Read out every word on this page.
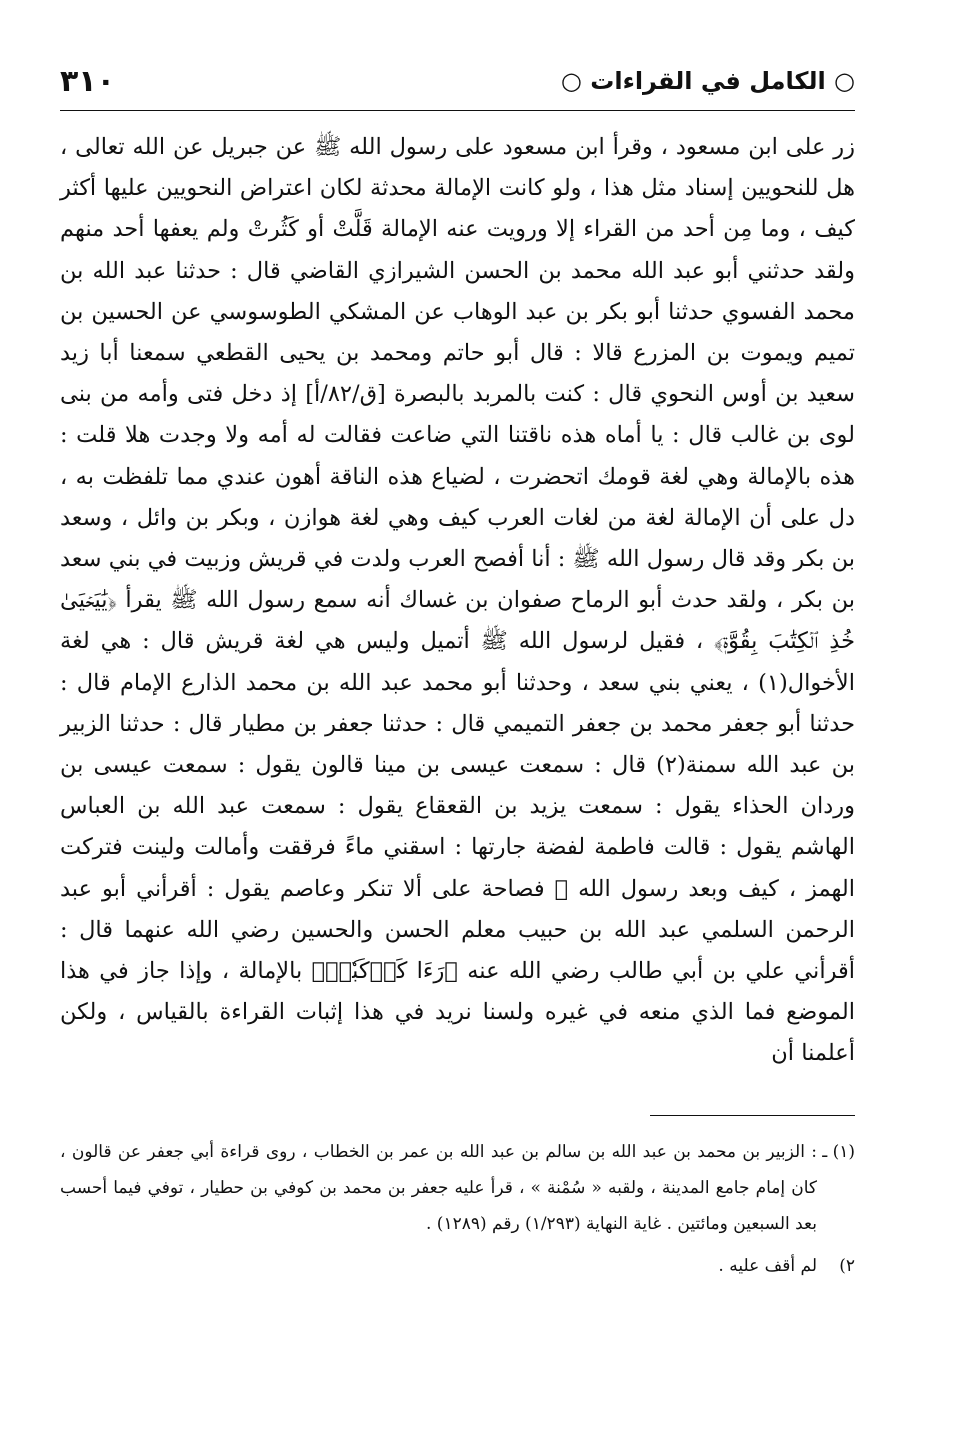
○ الكامل في القراءات ○
٣١٠

زر على ابن مسعود ، وقرأ ابن مسعود على رسول الله ﷺ عن جبريل عن الله تعالى ، هل للنحويين إسناد مثل هذا ، ولو كانت الإمالة محدثة لكان اعتراض النحويين عليها أكثر كيف ، وما مِن أحد من القراء إلا ورويت عنه الإمالة قَلَّتْ أو كَثُرتْ ولم يعفها أحد منهم ولقد حدثني أبو عبد الله محمد بن الحسن الشيرازي القاضي قال : حدثنا عبد الله بن محمد الفسوي حدثنا أبو بكر بن عبد الوهاب عن المشكي الطوسوسي عن الحسين بن تميم ويموت بن المزرع قالا : قال أبو حاتم ومحمد بن يحيى القطعي سمعنا أبا زيد سعيد بن أوس النحوي قال : كنت بالمربد بالبصرة [ق/٨٢/أ] إذ دخل فتى وأمه من بنى لوى بن غالب قال : يا أماه هذه ناقتنا التي ضاعت فقالت له أمه ولا وجدت هلا قلت : هذه بالإمالة وهي لغة قومك اتحضرت ، لضياع هذه الناقة أهون عندي مما تلفظت به ، دل على أن الإمالة لغة من لغات العرب كيف وهي لغة هوازن ، وبكر بن وائل ، وسعد بن بكر وقد قال رسول الله ﷺ : أنا أفصح العرب ولدت في قريش وزبيت في بني سعد بن بكر ، ولقد حدث أبو الرماح صفوان بن غساك أنه سمع رسول الله ﷺ يقرأ ﴿يَٰيَحۡيَىٰ خُذِ ٱلۡكِتَٰبَ بِقُوَّةٖ﴾ ، فقيل لرسول الله ﷺ أتميل وليس هي لغة قريش قال : هي لغة الأخوال(١) ، يعني بني سعد ، وحدثنا أبو محمد عبد الله بن محمد الذارع الإمام قال : حدثنا أبو جعفر محمد بن جعفر التميمي قال : حدثنا جعفر بن مطيار قال : حدثنا الزبير بن عبد الله سمنة(٢) قال : سمعت عيسى بن مينا قالون يقول : سمعت عيسى بن وردان الحذاء يقول : سمعت يزيد بن القعقاع يقول : سمعت عبد الله بن العباس الهاشم يقول : قالت فاطمة لفضة جارتها : اسقني ماءً فرققت وأمالت ولينت فتركت الهمز ، كيف وبعد رسول الله ﷺ فصاحة على ألا تنكر وعاصم يقول : أقرأني أبو عبد الرحمن السلمي عبد الله بن حبيب معلم الحسن والحسين رضي الله عنهما قال : أقرأني علي بن أبي طالب رضي الله عنه ﴿رَءَا كَوۡكَبٗاۖ﴾ بالإمالة ، وإذا جاز في هذا الموضع فما الذي منعه في غيره ولسنا نريد في هذا إثبات القراءة بالقياس ، ولكن أعلمنا أن

(١) ـ
: الزبير بن محمد بن عبد الله بن سالم بن عبد الله بن عمر بن الخطاب ، روى قراءة أبي جعفر عن قالون ، كان إمام جامع المدينة ، ولقبه « سُمْنة » ، قرأ عليه جعفر بن محمد بن كوفي بن حطيار ، توفي فيما أحسب بعد السبعين ومائتين . غاية النهاية (١/٢٩٣) رقم (١٢٨٩) .
٢)
لم أقف عليه .
